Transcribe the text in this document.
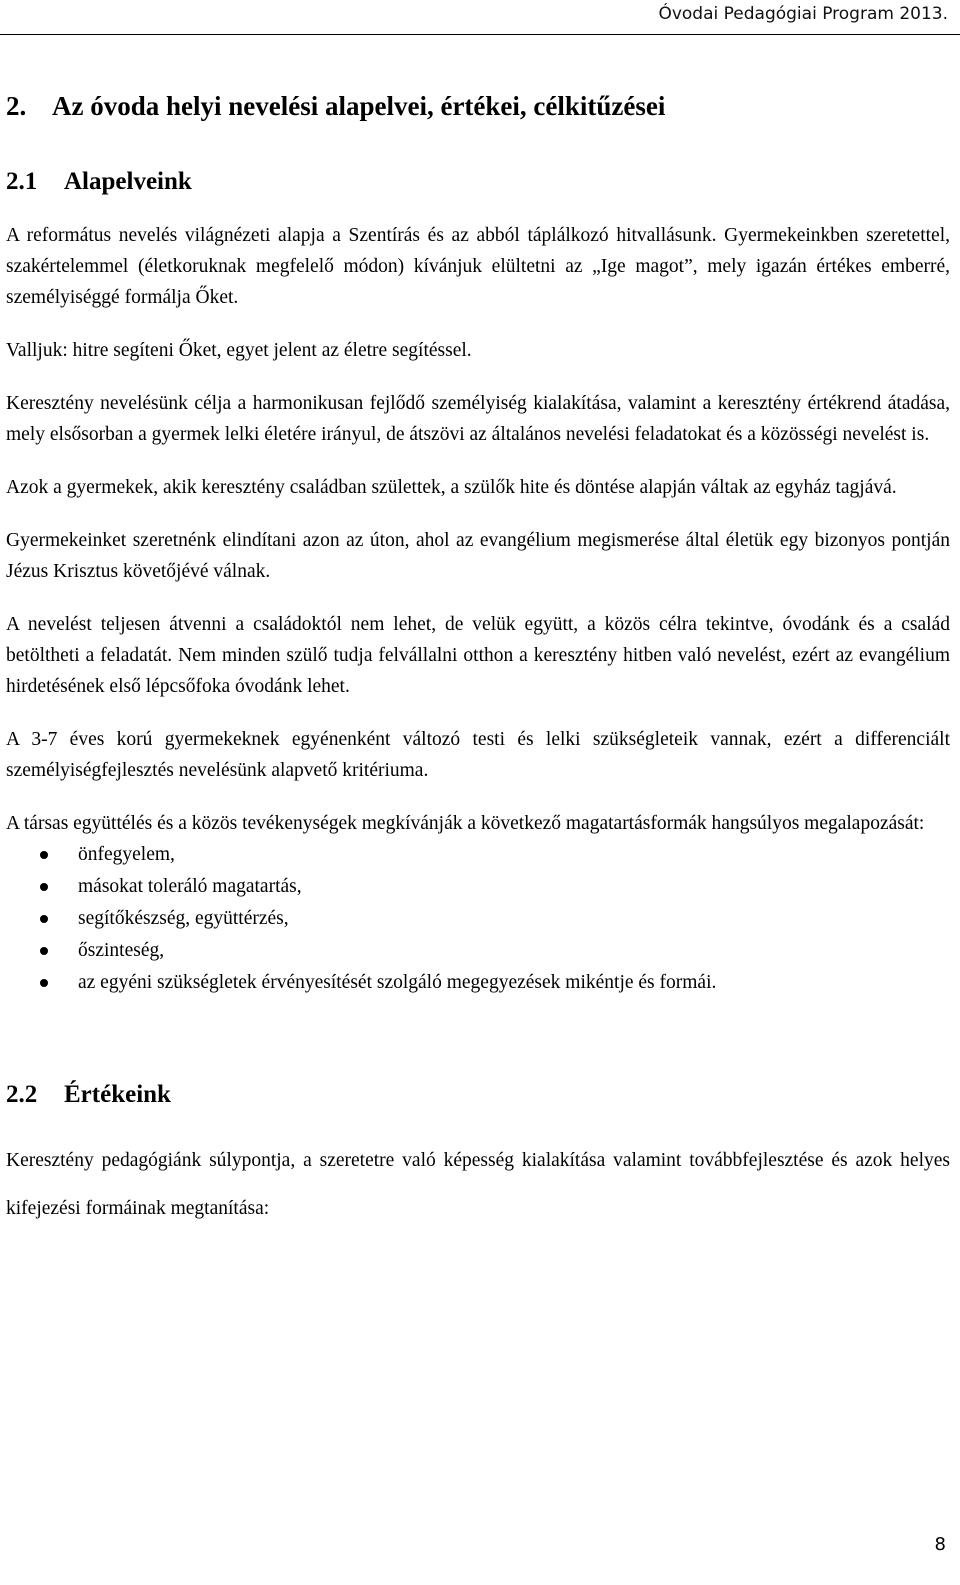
Óvodai Pedagógiai Program 2013.
2. Az óvoda helyi nevelési alapelvei, értékei, célkitűzései
2.1 Alapelveink

A református nevelés világnézeti alapja a Szentírás és az abból táplálkozó hitvallásunk. Gyermekeinkben szeretettel, szakértelemmel (életkoruknak megfelelő módon) kívánjuk elültetni az „Ige magot”, mely igazán értékes emberré, személyiséggé formálja Őket.

Valljuk: hitre segíteni Őket, egyet jelent az életre segítéssel.

Keresztény nevelésünk célja a harmonikusan fejlődő személyiség kialakítása, valamint a keresztény értékrend átadása, mely elsősorban a gyermek lelki életére irányul, de átszövi az általános nevelési feladatokat és a közösségi nevelést is.

Azok a gyermekek, akik keresztény családban születtek, a szülők hite és döntése alapján váltak az egyház tagjává.

Gyermekeinket szeretnénk elindítani azon az úton, ahol az evangélium megismerése által életük egy bizonyos pontján Jézus Krisztus követőjévé válnak.

A nevelést teljesen átvenni a családoktól nem lehet, de velük együtt, a közös célra tekintve, óvodánk és a család betöltheti a feladatát. Nem minden szülő tudja felvállalni otthon a keresztény hitben való nevelést, ezért az evangélium hirdetésének első lépcsőfoka óvodánk lehet.

A 3-7 éves korú gyermekeknek egyénenként változó testi és lelki szükségleteik vannak, ezért a differenciált személyiségfejlesztés nevelésünk alapvető kritériuma.

A társas együttélés és a közös tevékenységek megkívánják a következő magatartásformák hangsúlyos megalapozását:

önfegyelem,
másokat toleráló magatartás,
segítőkészség, együttérzés,
őszinteség,
az egyéni szükségletek érvényesítését szolgáló megegyezések mikéntje és formái.
2.2 Értékeink

Keresztény pedagógiánk súlypontja, a szeretetre való képesség kialakítása valamint továbbfejlesztése és azok helyes kifejezési formáinak megtanítása:

8
